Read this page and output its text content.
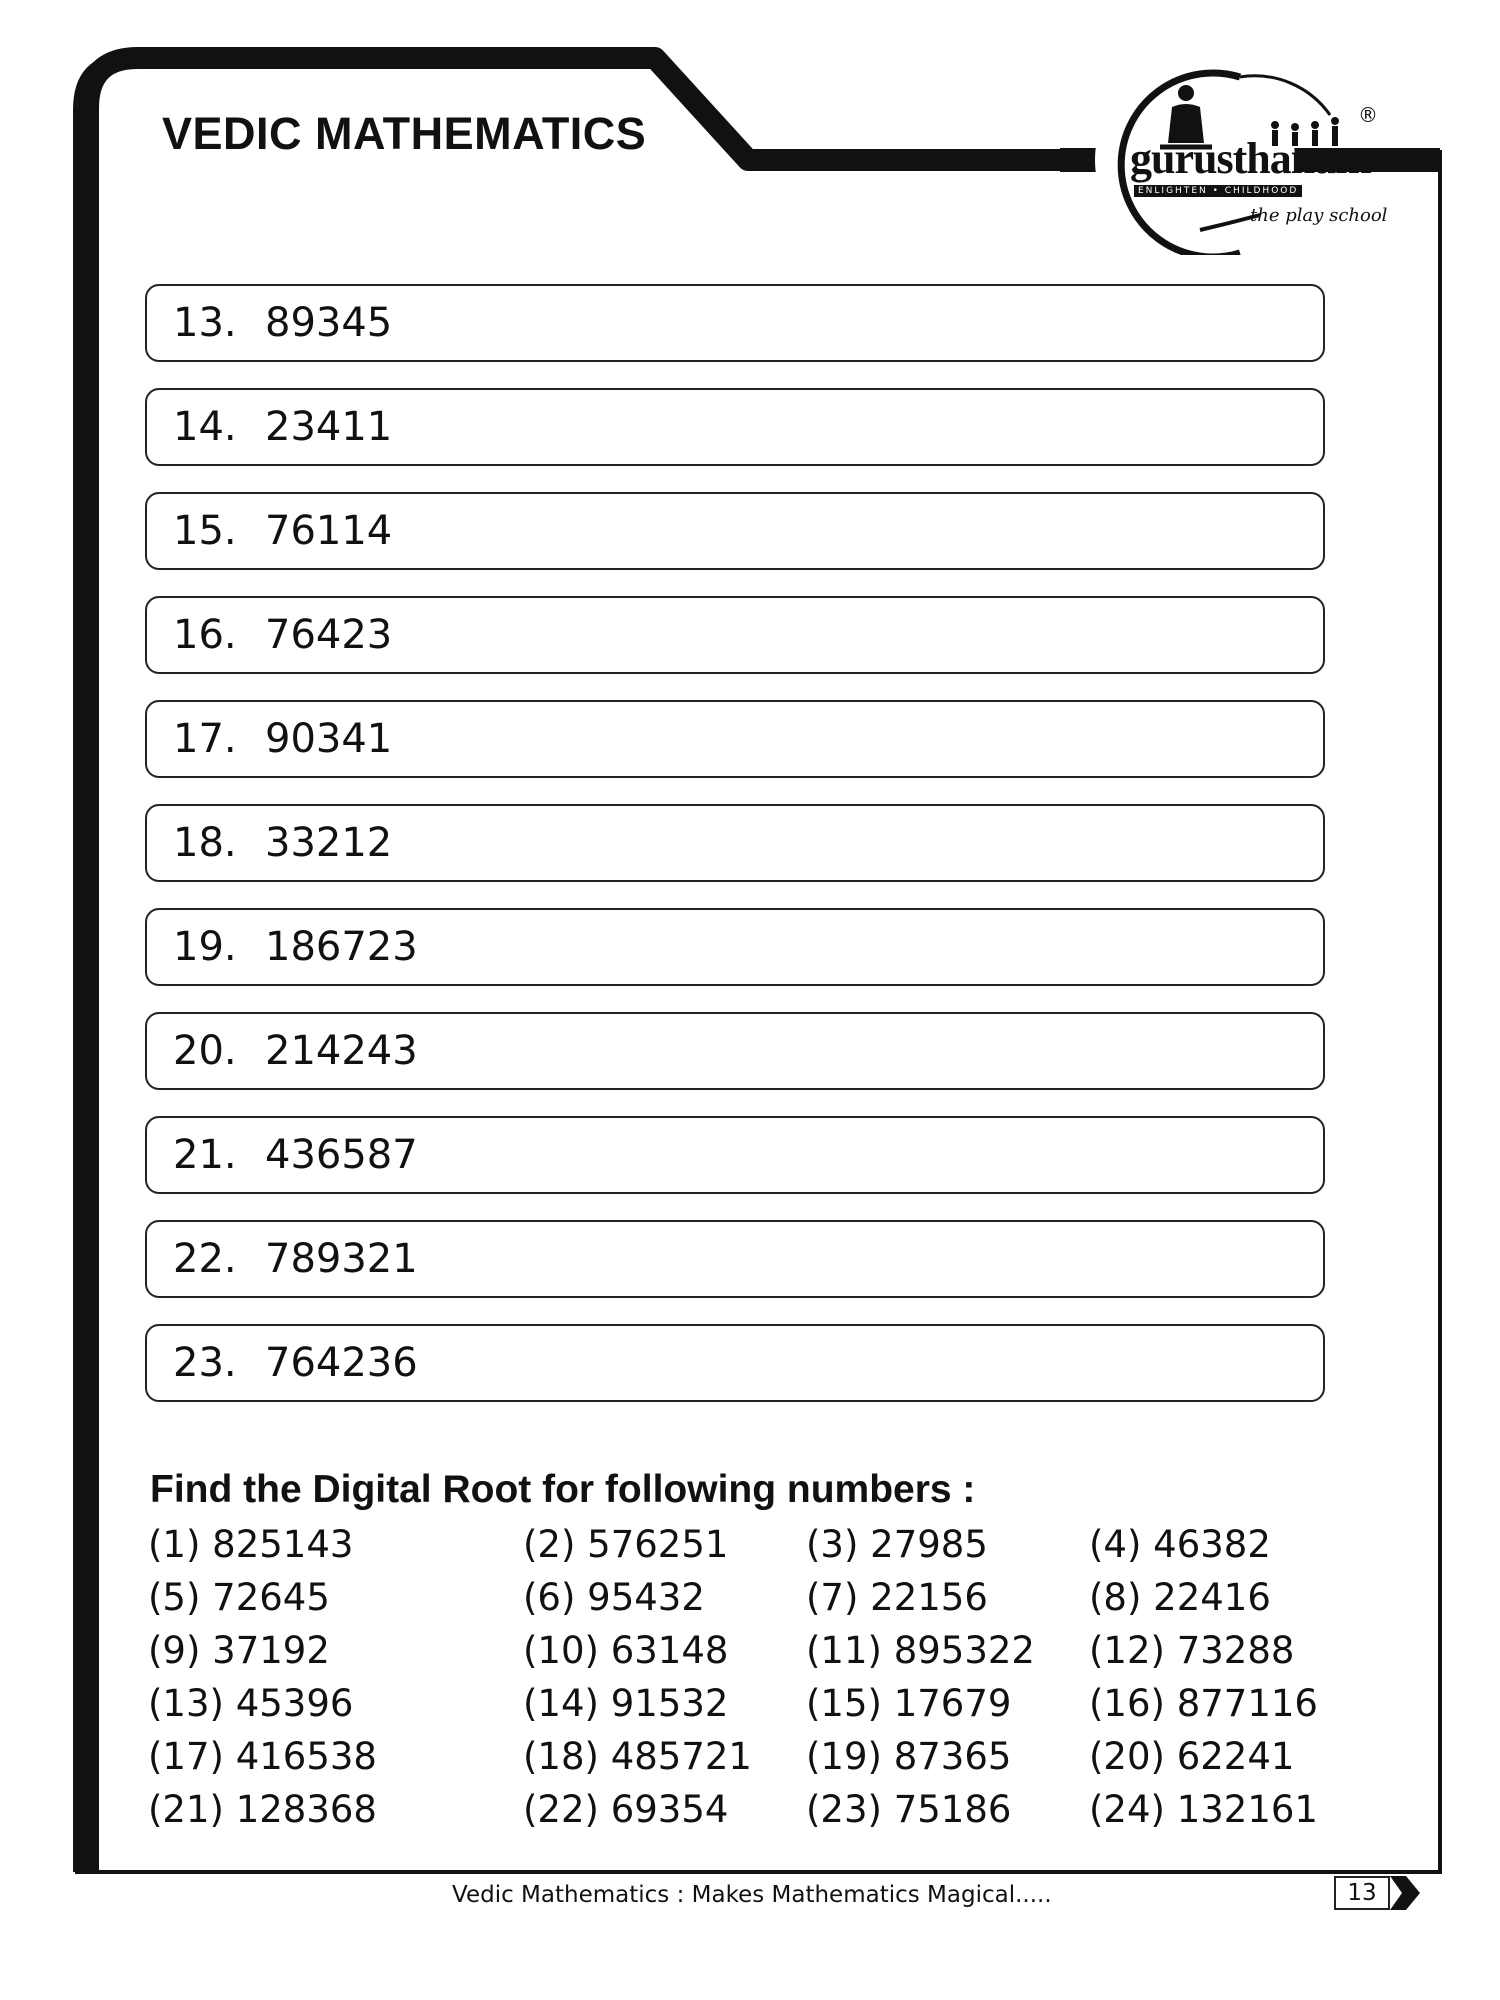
VEDIC MATHEMATICS	gurusthanam
ENLIGHTEN • CHILDHOOD
the play school
®
13. 89345
14. 23411
15. 76114
16. 76423
17. 90341
18. 33212
19. 186723
20. 214243
21. 436587
22. 789321
23. 764236
Find the Digital Root for following numbers :
(1) 825143	(2) 576251	(3) 27985	(4) 46382
(5) 72645	(6) 95432	(7) 22156	(8) 22416
(9) 37192	(10) 63148	(11) 895322	(12) 73288
(13) 45396	(14) 91532	(15) 17679	(16) 877116
(17) 416538	(18) 485721	(19) 87365	(20) 62241
(21) 128368	(22) 69354	(23) 75186	(24) 132161
Vedic Mathematics : Makes Mathematics Magical.....	13
